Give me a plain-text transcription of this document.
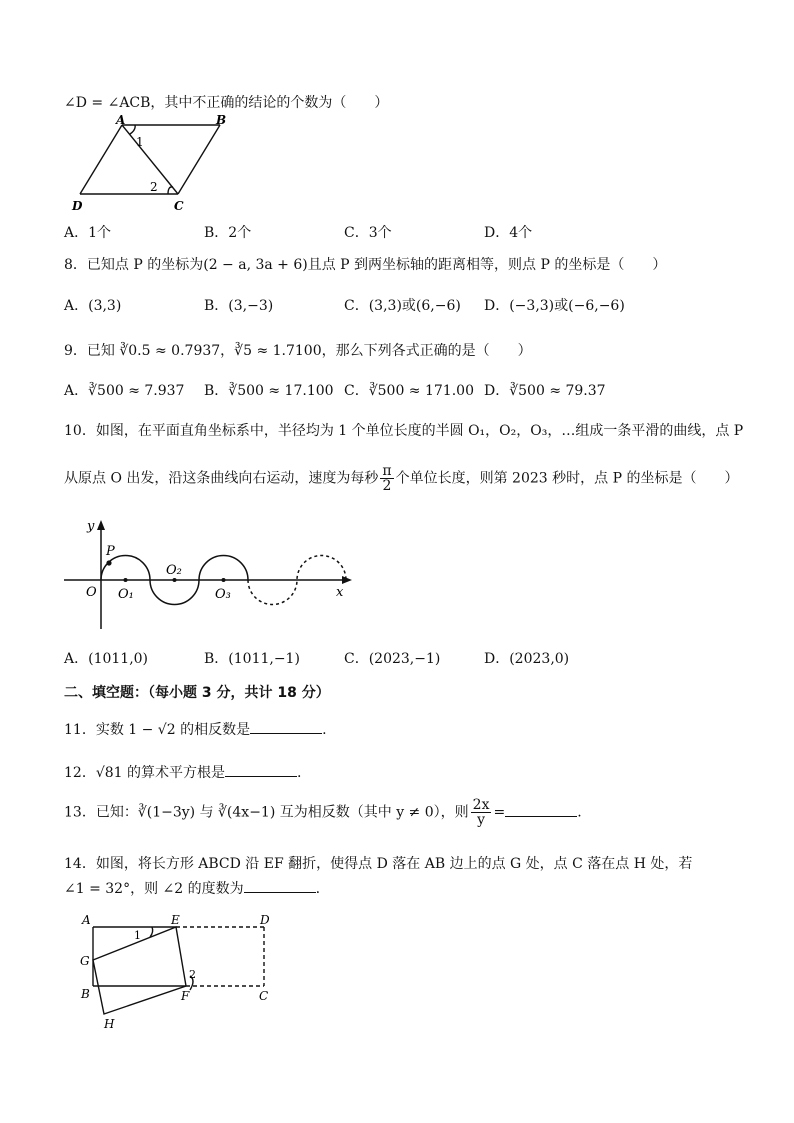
∠D = ∠ACB，其中不正确的结论的个数为（　　）
A	B
C
D
1
2
A．1个	B．2个	C．3个	D．4个
8．已知点 P 的坐标为(2 − a, 3a + 6)且点 P 到两坐标轴的距离相等，则点 P 的坐标是（　　）
A．(3,3)	B．(3,−3)	C．(3,3)或(6,−6) D．(−3,3)或(−6,−6)
9．已知 ∛0.5 ≈ 0.7937，∛5 ≈ 1.7100，那么下列各式正确的是（　　）
A．∛500 ≈ 7.937 B．∛500 ≈ 17.100 C．∛500 ≈ 171.00 D．∛500 ≈ 79.37
10．如图，在平面直角坐标系中，半径均为 1 个单位长度的半圆 O₁，O₂，O₃，…组成一条平滑的曲线，点 P
从原点 O 出发，沿这条曲线向右运动，速度为每秒 $\frac{\pi}{2}$ 个单位长度，则第 2023 秒时，点 P 的坐标是（　　）
y
x
O
P
O₁
O₂
O₃
A．(1011,0)	B．(1011,−1)	C．(2023,−1)	D．(2023,0)
二、填空题：（每小题 3 分，共计 18 分）
11．实数 1 − √2 的相反数是	.
12．√81 的算术平方根是	.
13．已知：∛(1−3y) 与 ∛(4x−1) 互为相反数（其中 y ≠ 0），则 $\frac{2x}{y}$ =	.
14．如图，将长方形 ABCD 沿 EF 翻折，使得点 D 落在 AB 边上的点 G 处，点 C 落在点 H 处，若
∠1 = 32°，则 ∠2 的度数为	.
A	E	D
G
B	F	C
H
1
2
